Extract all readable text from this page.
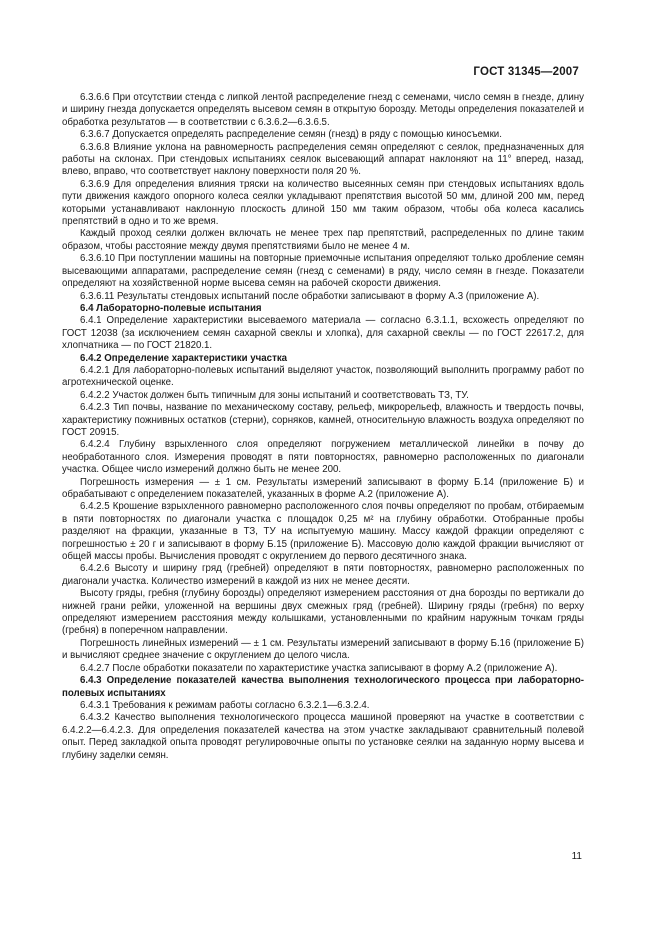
ГОСТ 31345—2007

6.3.6.6 При отсутствии стенда с липкой лентой распределение гнезд с семенами, число семян в гнезде, длину и ширину гнезда допускается определять высевом семян в открытую борозду. Методы определения показателей и обработка результатов — в соответствии с 6.3.6.2—6.3.6.5.

6.3.6.7 Допускается определять распределение семян (гнезд) в ряду с помощью киносъемки.

6.3.6.8 Влияние уклона на равномерность распределения семян определяют с сеялок, предназначенных для работы на склонах. При стендовых испытаниях сеялок высевающий аппарат наклоняют на 11° вперед, назад, влево, вправо, что соответствует наклону поверхности поля 20 %.

6.3.6.9 Для определения влияния тряски на количество высеянных семян при стендовых испытаниях вдоль пути движения каждого опорного колеса сеялки укладывают препятствия высотой 50 мм, длиной 200 мм, перед которыми устанавливают наклонную плоскость длиной 150 мм таким образом, чтобы оба колеса касались препятствий в одно и то же время.

Каждый проход сеялки должен включать не менее трех пар препятствий, распределенных по длине таким образом, чтобы расстояние между двумя препятствиями было не менее 4 м.

6.3.6.10 При поступлении машины на повторные приемочные испытания определяют только дробление семян высевающими аппаратами, распределение семян (гнезд с семенами) в ряду, число семян в гнезде. Показатели определяют на хозяйственной норме высева семян на рабочей скорости движения.

6.3.6.11 Результаты стендовых испытаний после обработки записывают в форму А.3 (приложение А).

6.4 Лабораторно-полевые испытания

6.4.1 Определение характеристики высеваемого материала — согласно 6.3.1.1, всхожесть определяют по ГОСТ 12038 (за исключением семян сахарной свеклы и хлопка), для сахарной свеклы — по ГОСТ 22617.2, для хлопчатника — по ГОСТ 21820.1.

6.4.2 Определение характеристики участка

6.4.2.1 Для лабораторно-полевых испытаний выделяют участок, позволяющий выполнить программу работ по агротехнической оценке.

6.4.2.2 Участок должен быть типичным для зоны испытаний и соответствовать ТЗ, ТУ.

6.4.2.3 Тип почвы, название по механическому составу, рельеф, микрорельеф, влажность и твердость почвы, характеристику пожнивных остатков (стерни), сорняков, камней, относительную влажность воздуха определяют по ГОСТ 20915.

6.4.2.4 Глубину взрыхленного слоя определяют погружением металлической линейки в почву до необработанного слоя. Измерения проводят в пяти повторностях, равномерно расположенных по диагонали участка. Общее число измерений должно быть не менее 200.

Погрешность измерения — ± 1 см. Результаты измерений записывают в форму Б.14 (приложение Б) и обрабатывают с определением показателей, указанных в форме А.2 (приложение А).

6.4.2.5 Крошение взрыхленного равномерно расположенного слоя почвы определяют по пробам, отбираемым в пяти повторностях по диагонали участка с площадок 0,25 м² на глубину обработки. Отобранные пробы разделяют на фракции, указанные в ТЗ, ТУ на испытуемую машину. Массу каждой фракции определяют с погрешностью ± 20 г и записывают в форму Б.15 (приложение Б). Массовую долю каждой фракции вычисляют от общей массы пробы. Вычисления проводят с округлением до первого десятичного знака.

6.4.2.6 Высоту и ширину гряд (гребней) определяют в пяти повторностях, равномерно расположенных по диагонали участка. Количество измерений в каждой из них не менее десяти.

Высоту гряды, гребня (глубину борозды) определяют измерением расстояния от дна борозды по вертикали до нижней грани рейки, уложенной на вершины двух смежных гряд (гребней). Ширину гряды (гребня) по верху определяют измерением расстояния между колышками, установленными по крайним наружным точкам гряды (гребня) в поперечном направлении.

Погрешность линейных измерений — ± 1 см. Результаты измерений записывают в форму Б.16 (приложение Б) и вычисляют среднее значение с округлением до целого числа.

6.4.2.7 После обработки показатели по характеристике участка записывают в форму А.2 (приложение А).

6.4.3 Определение показателей качества выполнения технологического процесса при лабораторно-полевых испытаниях

6.4.3.1 Требования к режимам работы согласно 6.3.2.1—6.3.2.4.

6.4.3.2 Качество выполнения технологического процесса машиной проверяют на участке в соответствии с 6.4.2.2—6.4.2.3. Для определения показателей качества на этом участке закладывают сравнительный полевой опыт. Перед закладкой опыта проводят регулировочные опыты по установке сеялки на заданную норму высева и глубину заделки семян.

11
